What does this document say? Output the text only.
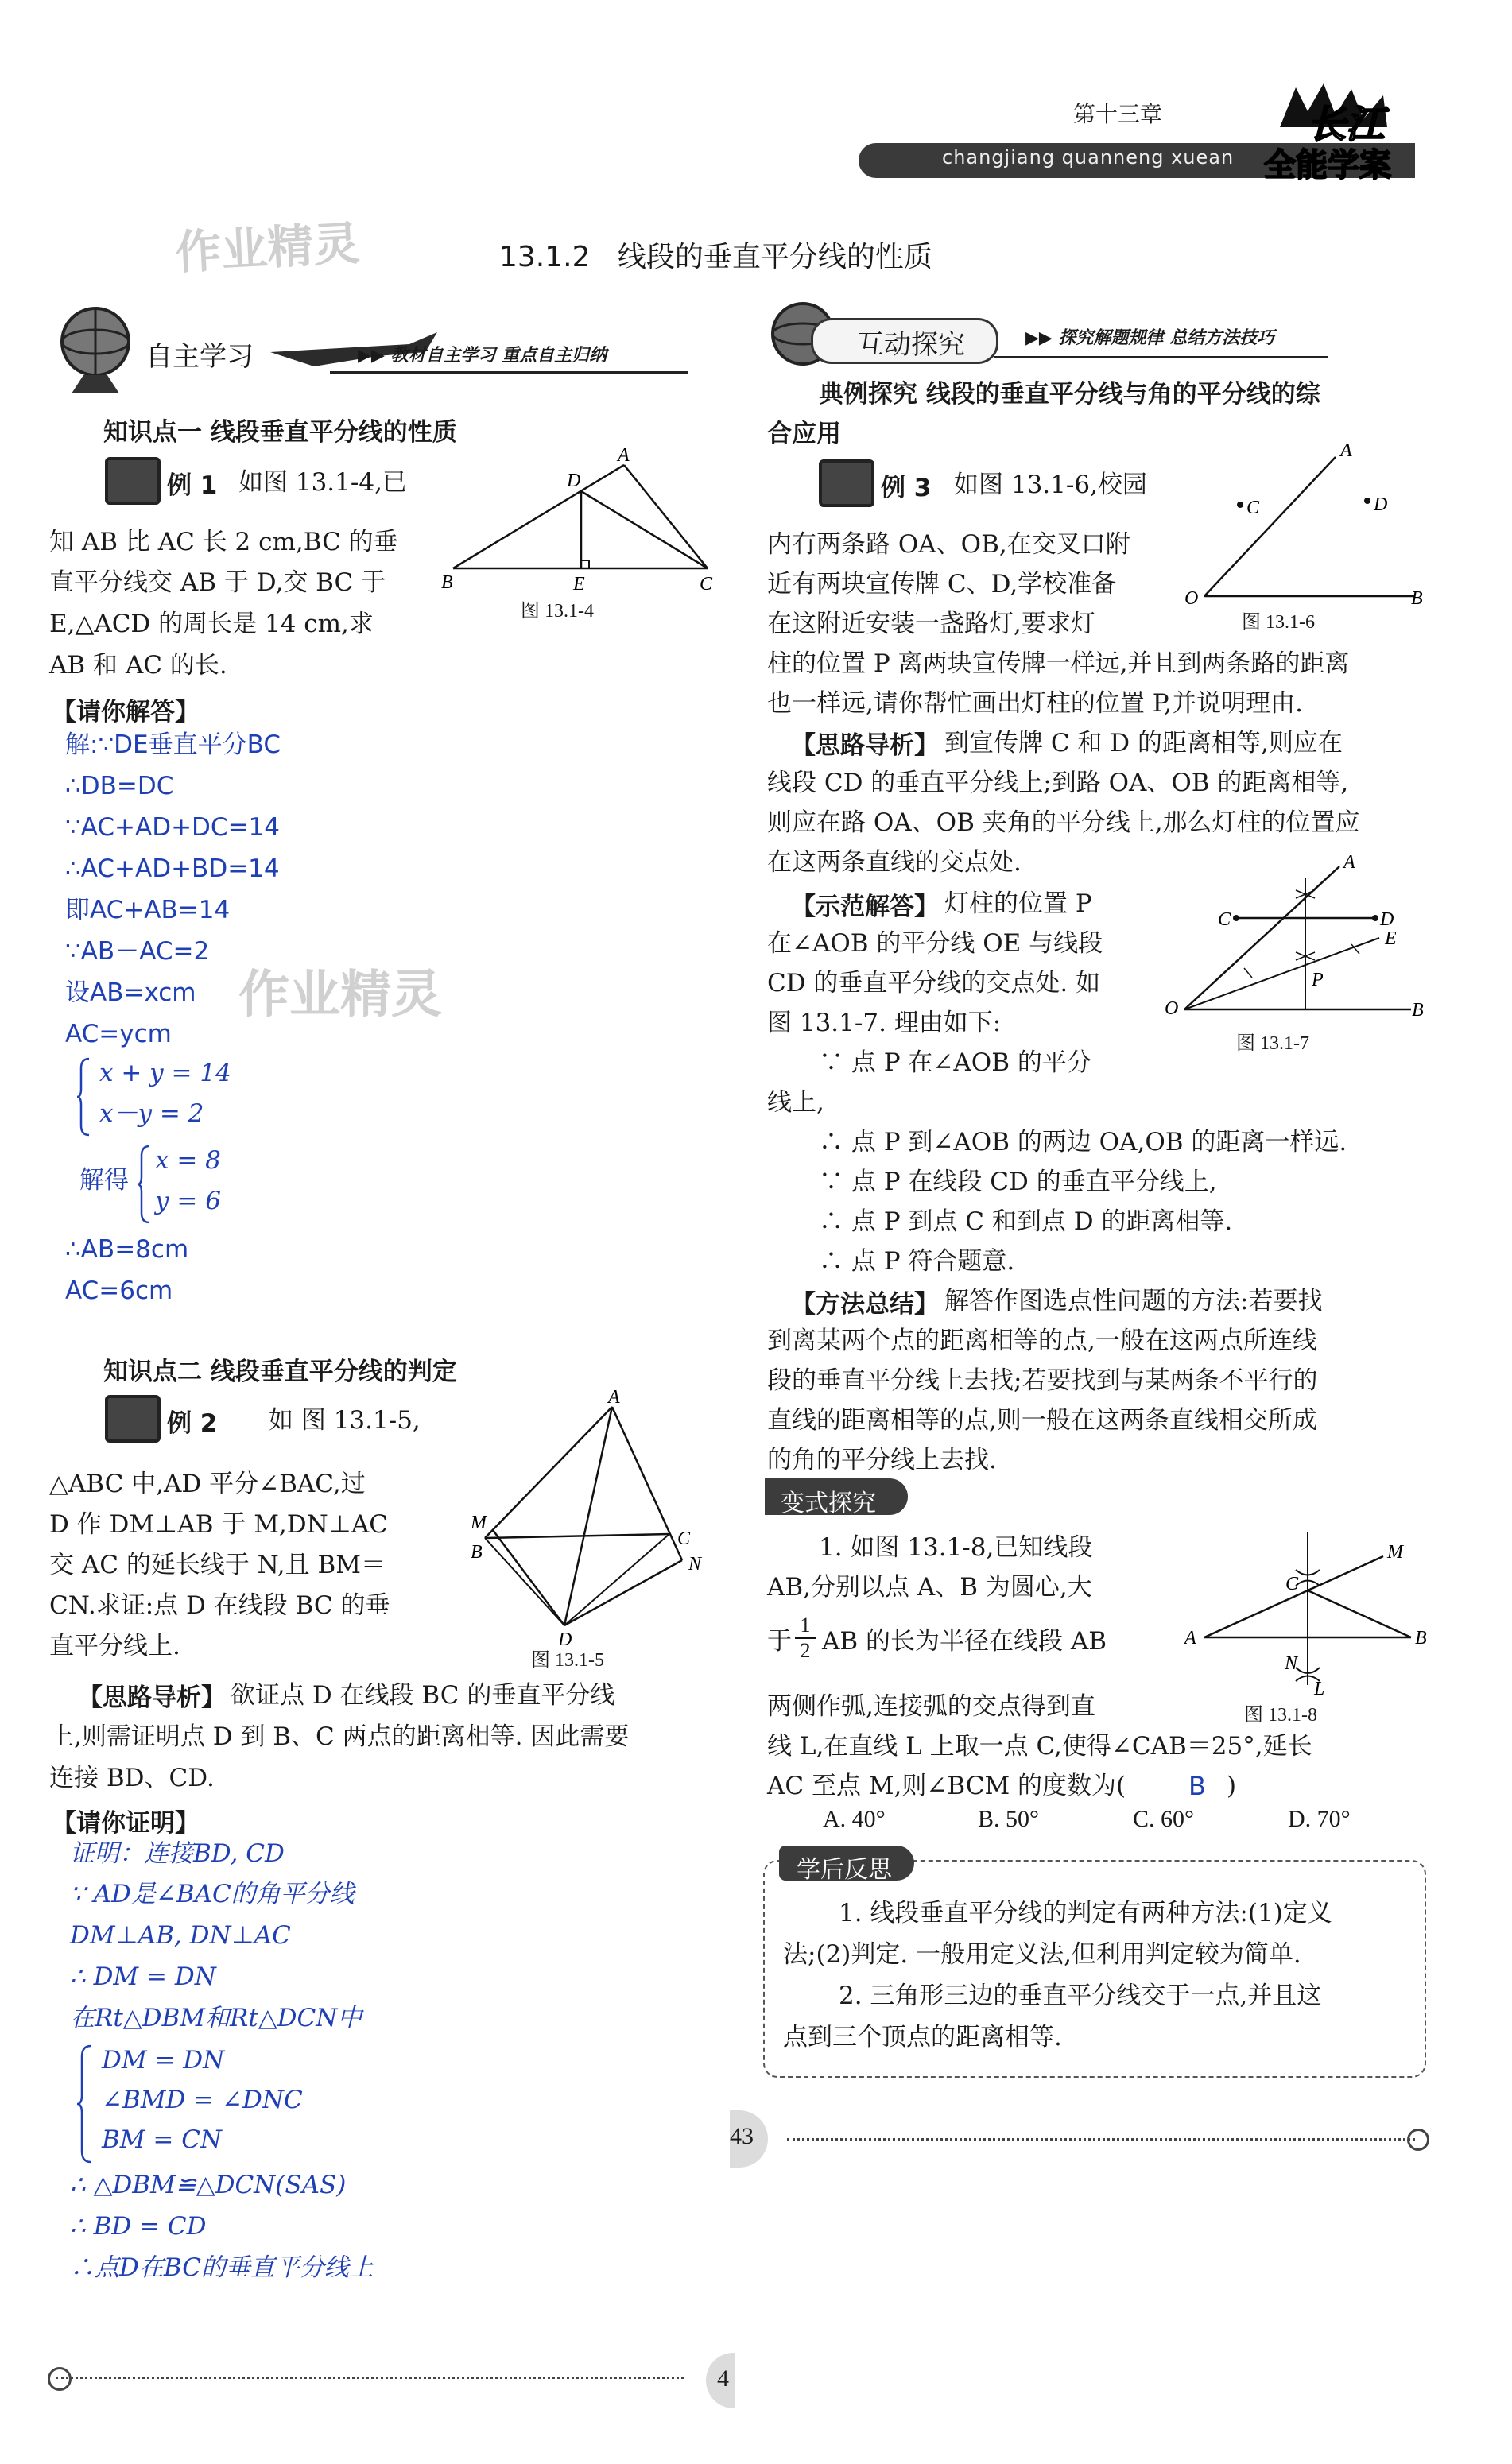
第十三章
changjiang quanneng xuean
长江
全能学案
作业精灵	13.1.2   线段的垂直平分线的性质
自主学习	▶▶ 教材自主学习 重点自主归纳
知识点一 线段垂直平分线的性质
例 1 如图 13.1-4,已
知 AB 比 AC 长 2 cm,BC 的垂
直平分线交 AB 于 D,交 BC 于
E,△ACD 的周长是 14 cm,求
AB 和 AC 的长.
A
D
B	E	C
图 13.1-4
【请你解答】
解:∵DE垂直平分BC
∴DB=DC
∵AC+AD+DC=14
∴AC+AD+BD=14
即AC+AB=14
∵AB－AC=2
设AB=xcm
AC=ycm
作业精灵
x + y = 14
x－y = 2
解得
x = 8
y = 6
∴AB=8cm
AC=6cm
知识点二 线段垂直平分线的判定
例 2 如 图 13.1-5,
△ABC 中,AD 平分∠BAC,过
D 作 DM⊥AB 于 M,DN⊥AC
交 AC 的延长线于 N,且 BM＝
CN.求证:点 D 在线段 BC 的垂
直平分线上.
A
M
B
C
N
D
图 13.1-5
【思路导析】 欲证点 D 在线段 BC 的垂直平分线
上,则需证明点 D 到 B、C 两点的距离相等. 因此需要
连接 BD、CD.
【请你证明】
证明：连接BD, CD
∵ AD是∠BAC的角平分线
DM⊥AB, DN⊥AC
∴ DM = DN
在Rt△DBM和Rt△DCN中
DM = DN
∠BMD = ∠DNC
BM = CN
∴ △DBM≌△DCN(SAS)
∴ BD = CD
∴点D在BC的垂直平分线上
4
互动探究	▶▶ 探究解题规律 总结方法技巧
典例探究 线段的垂直平分线与角的平分线的综
合应用
例 3 如图 13.1-6,校园
内有两条路 OA、OB,在交叉口附
近有两块宣传牌 C、D,学校准备
在这附近安装一盏路灯,要求灯
柱的位置 P 离两块宣传牌一样远,并且到两条路的距离
也一样远,请你帮忙画出灯柱的位置 P,并说明理由.
A
C	D
O	B
图 13.1-6
【思路导析】 到宣传牌 C 和 D 的距离相等,则应在
线段 CD 的垂直平分线上;到路 OA、OB 的距离相等,
则应在路 OA、OB 夹角的平分线上,那么灯柱的位置应
在这两条直线的交点处.
【示范解答】 灯柱的位置 P
在∠AOB 的平分线 OE 与线段
CD 的垂直平分线的交点处. 如
图 13.1-7. 理由如下:
∵ 点 P 在∠AOB 的平分
线上,
∴ 点 P 到∠AOB 的两边 OA,OB 的距离一样远.
∵ 点 P 在线段 CD 的垂直平分线上,
∴ 点 P 到点 C 和到点 D 的距离相等.
∴ 点 P 符合题意.
A
C	D
E
P
O	B
图 13.1-7
【方法总结】 解答作图选点性问题的方法:若要找
到离某两个点的距离相等的点,一般在这两点所连线
段的垂直平分线上去找;若要找到与某两条不平行的
直线的距离相等的点,则一般在这两条直线相交所成
的角的平分线上去找.
变式探究
1. 如图 13.1-8,已知线段
AB,分别以点 A、B 为圆心,大
于 $\frac{1}{2}$ AB 的长为半径在线段 AB
两侧作弧,连接弧的交点得到直
线 L,在直线 L 上取一点 C,使得∠CAB＝25°,延长
AC 至点 M,则∠BCM 的度数为( B )
M
C
A	B
N
L
图 13.1-8
A. 40°	B. 50°	C. 60°	D. 70°
学后反思
1. 线段垂直平分线的判定有两种方法:(1)定义
法;(2)判定. 一般用定义法,但利用判定较为简单.
2. 三角形三边的垂直平分线交于一点,并且这
点到三个顶点的距离相等.
43
